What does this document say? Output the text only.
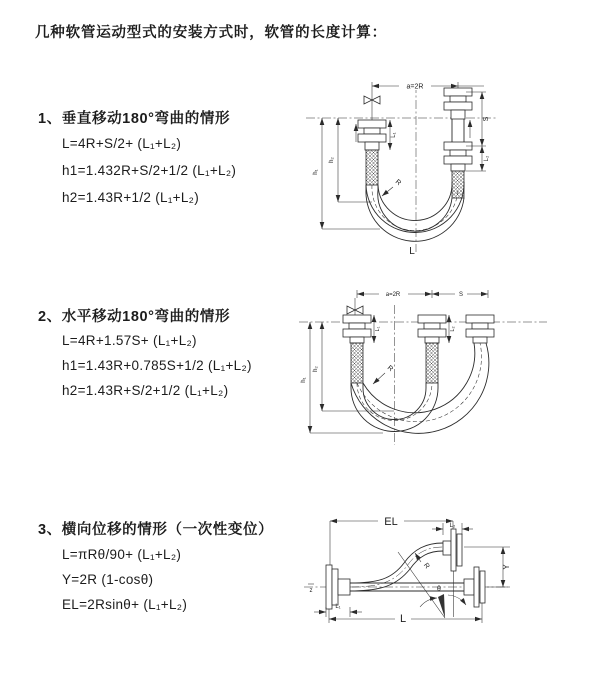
几种软管运动型式的安装方式时，软管的长度计算：
1、垂直移动180°弯曲的情形
L=4R+S/2+ (L₁+L₂)
h1=1.432R+S/2+1/2 (L₁+L₂)
h2=1.43R+1/2 (L₁+L₂)
2、水平移动180°弯曲的情形
L=4R+1.57S+ (L₁+L₂)
h1=1.43R+0.785S+1/2 (L₁+L₂)
h2=1.43R+S/2+1/2 (L₁+L₂)
3、横向位移的情形（一次性变位）
L=πRθ/90+ (L₁+L₂)
Y=2R (1-cosθ)
EL=2Rsinθ+ (L₁+L₂)
a=2R
L₁
S
L₂
h₁
h₂
R
L
a=2R	S
L₁	L₂
h₁
h₂	R
EL	L₂
z	θ
R	Y
L₁
L
